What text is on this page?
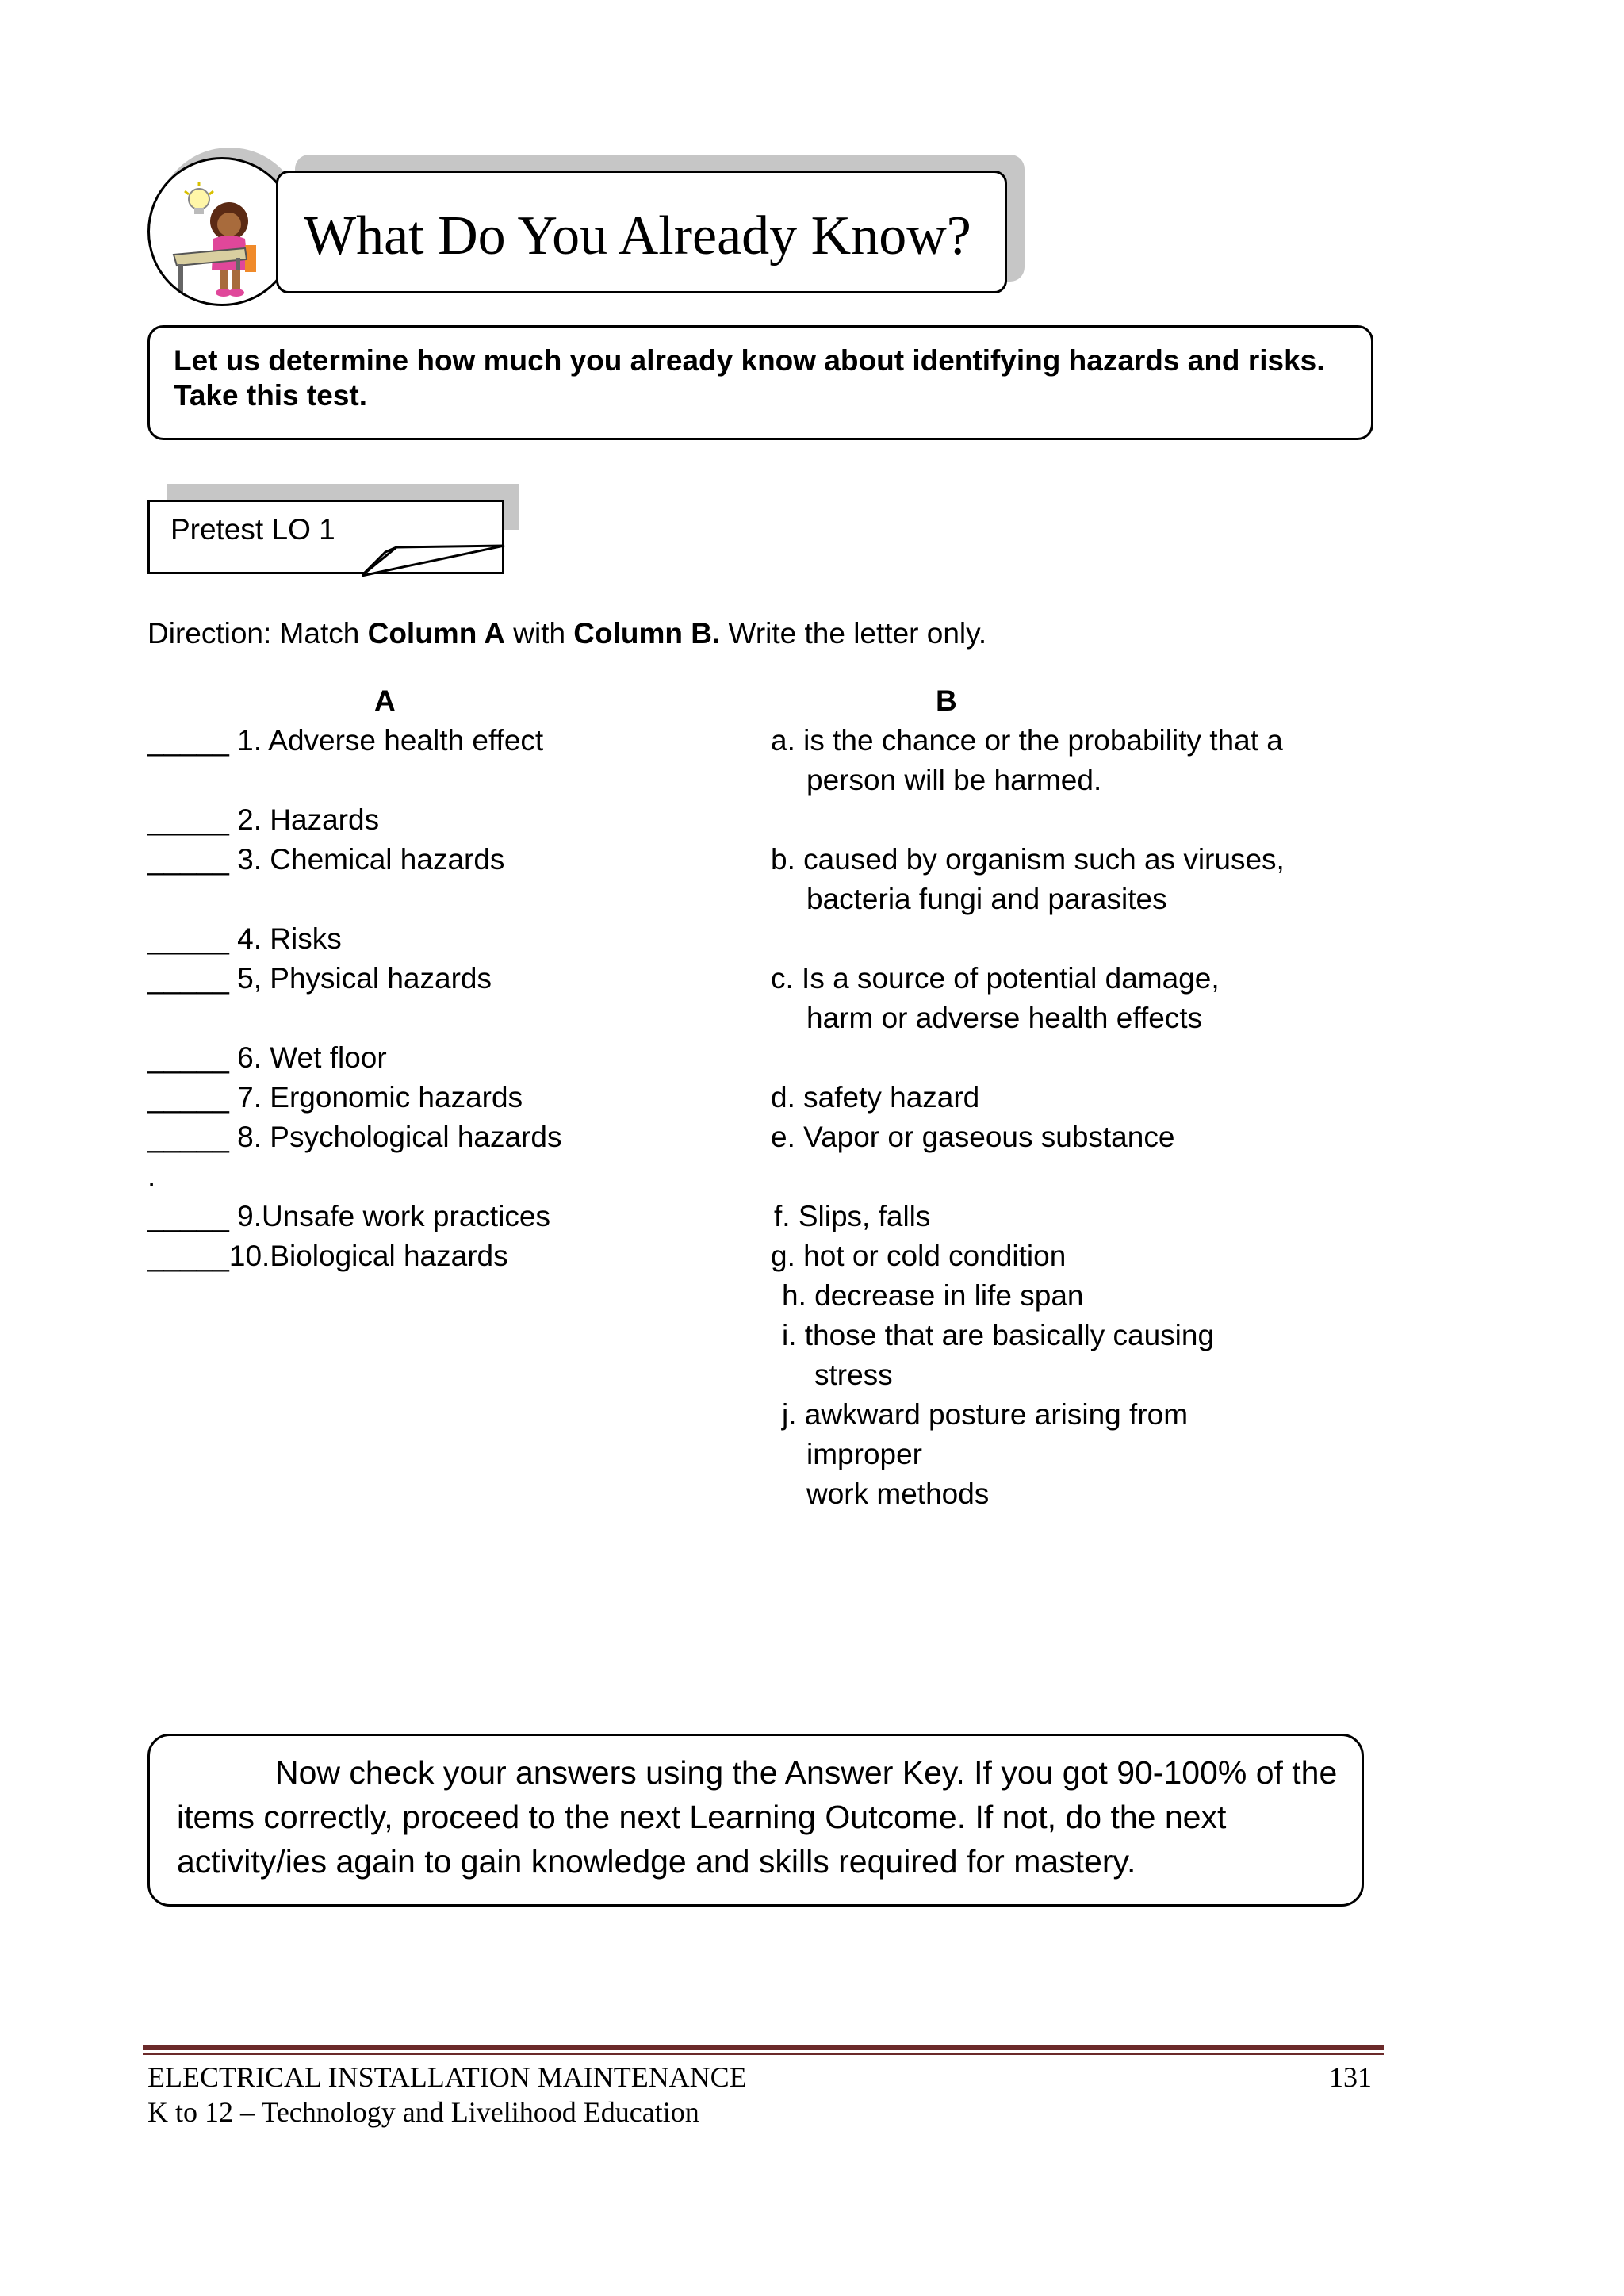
What Do You Already Know?
Let us determine how much you already know about identifying hazards and risks. Take this test.
Pretest LO 1
Direction: Match Column A with Column B. Write the letter only.
A	B
_____ 1. Adverse health effect
_____ 2. Hazards
_____ 3. Chemical hazards
_____ 4. Risks
_____ 5, Physical hazards
_____ 6. Wet floor
_____ 7. Ergonomic hazards
_____ 8. Psychological hazards
.
_____ 9.Unsafe work practices
_____10.Biological hazards
a. is the chance or the probability that a
person will be harmed.
b. caused by organism such as viruses,
bacteria fungi and parasites
c. Is a source of potential damage,
harm or adverse health effects
d. safety hazard
e. Vapor or gaseous substance
f. Slips, falls
g. hot or cold condition
h. decrease in life span
i. those that are basically causing
stress
j. awkward posture arising from
improper
work methods
Now check your answers using the Answer Key. If you got 90-100% of the items correctly, proceed to the next Learning Outcome. If not, do the next activity/ies again to gain knowledge and skills required for mastery.
ELECTRICAL INSTALLATION MAINTENANCE
K to 12 – Technology and Livelihood Education
131
